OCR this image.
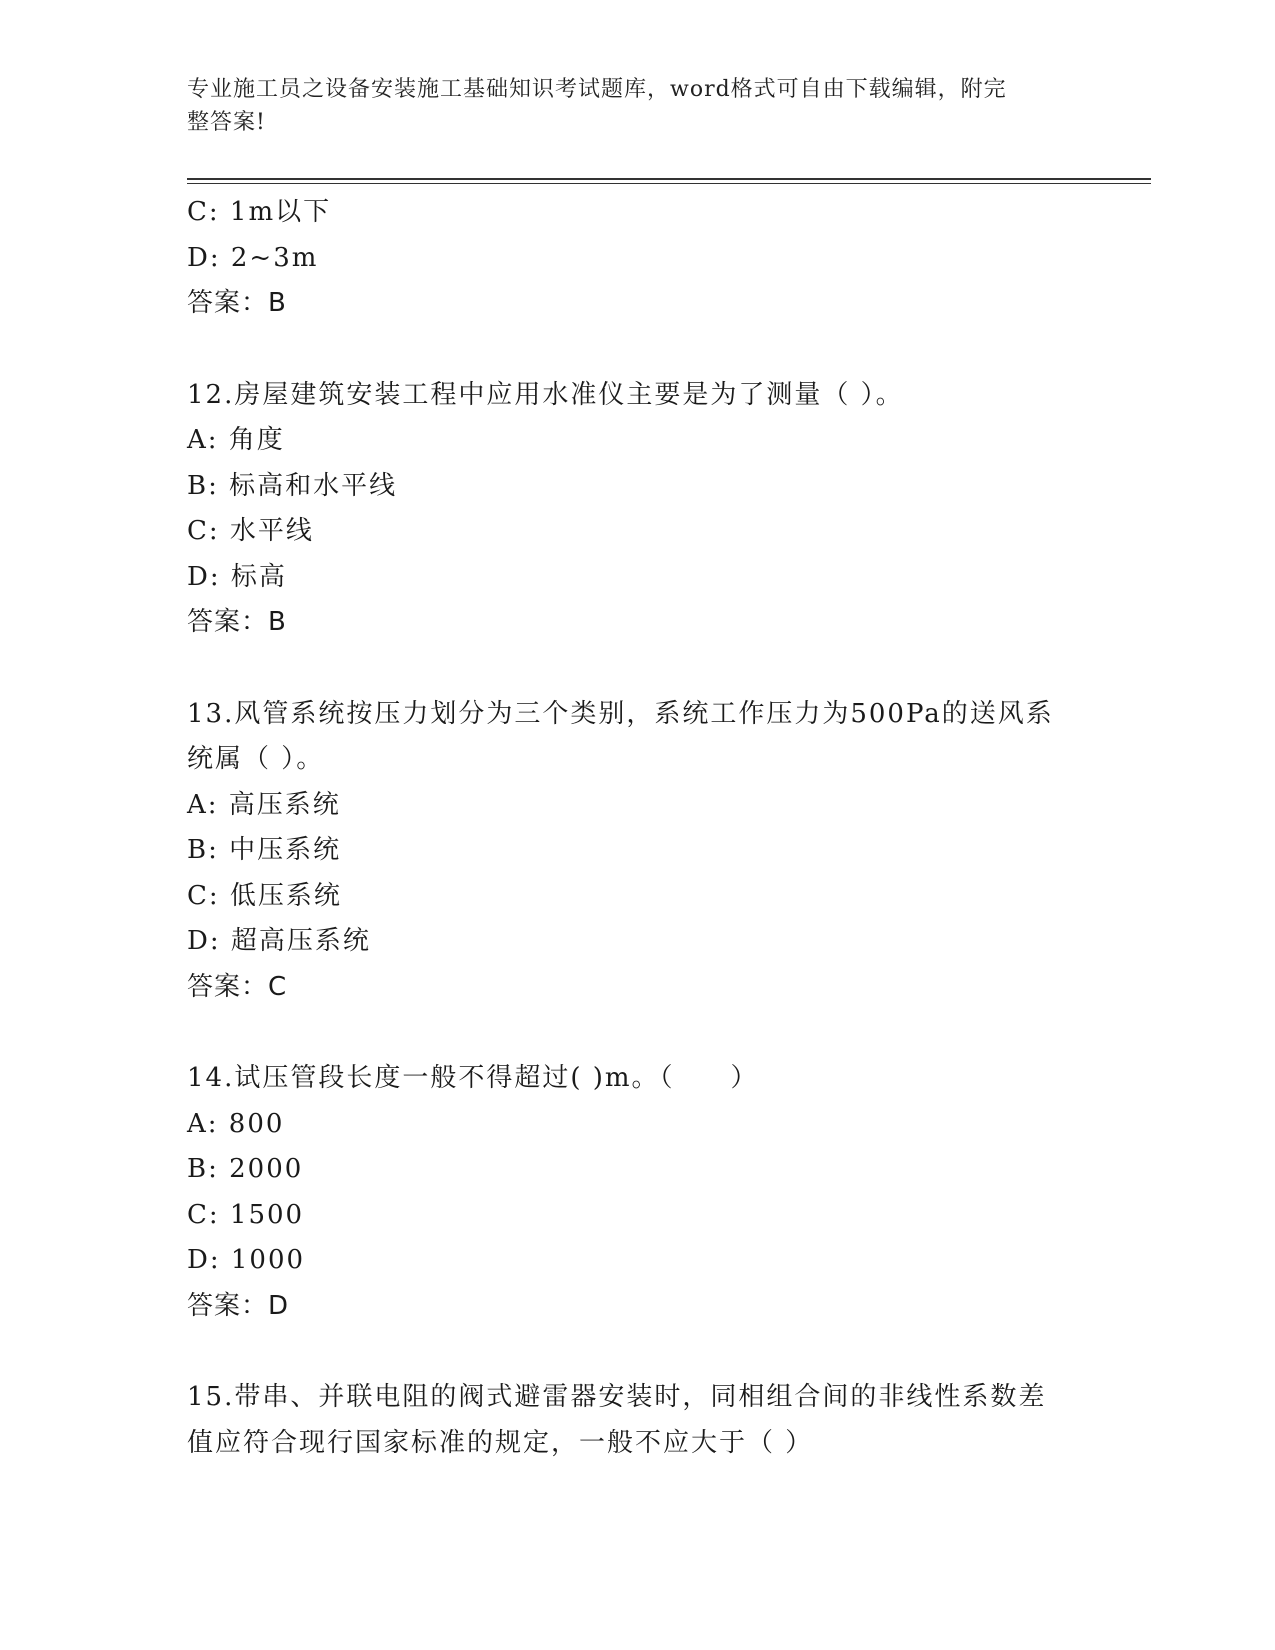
专业施工员之设备安装施工基础知识考试题库，word格式可自由下载编辑，附完
整答案!
C: 1m以下
D: 2~3m
答案：B
12.房屋建筑安装工程中应用水准仪主要是为了测量（ ）。
A: 角度
B: 标高和水平线
C: 水平线
D: 标高
答案：B
13.风管系统按压力划分为三个类别，系统工作压力为500Pa的送风系
统属（ ）。
A: 高压系统
B: 中压系统
C: 低压系统
D: 超高压系统
答案：C
14.试压管段长度一般不得超过( )m。（　　）
A: 800
B: 2000
C: 1500
D: 1000
答案：D
15.带串、并联电阻的阀式避雷器安装时，同相组合间的非线性系数差
值应符合现行国家标准的规定，一般不应大于（ ）
